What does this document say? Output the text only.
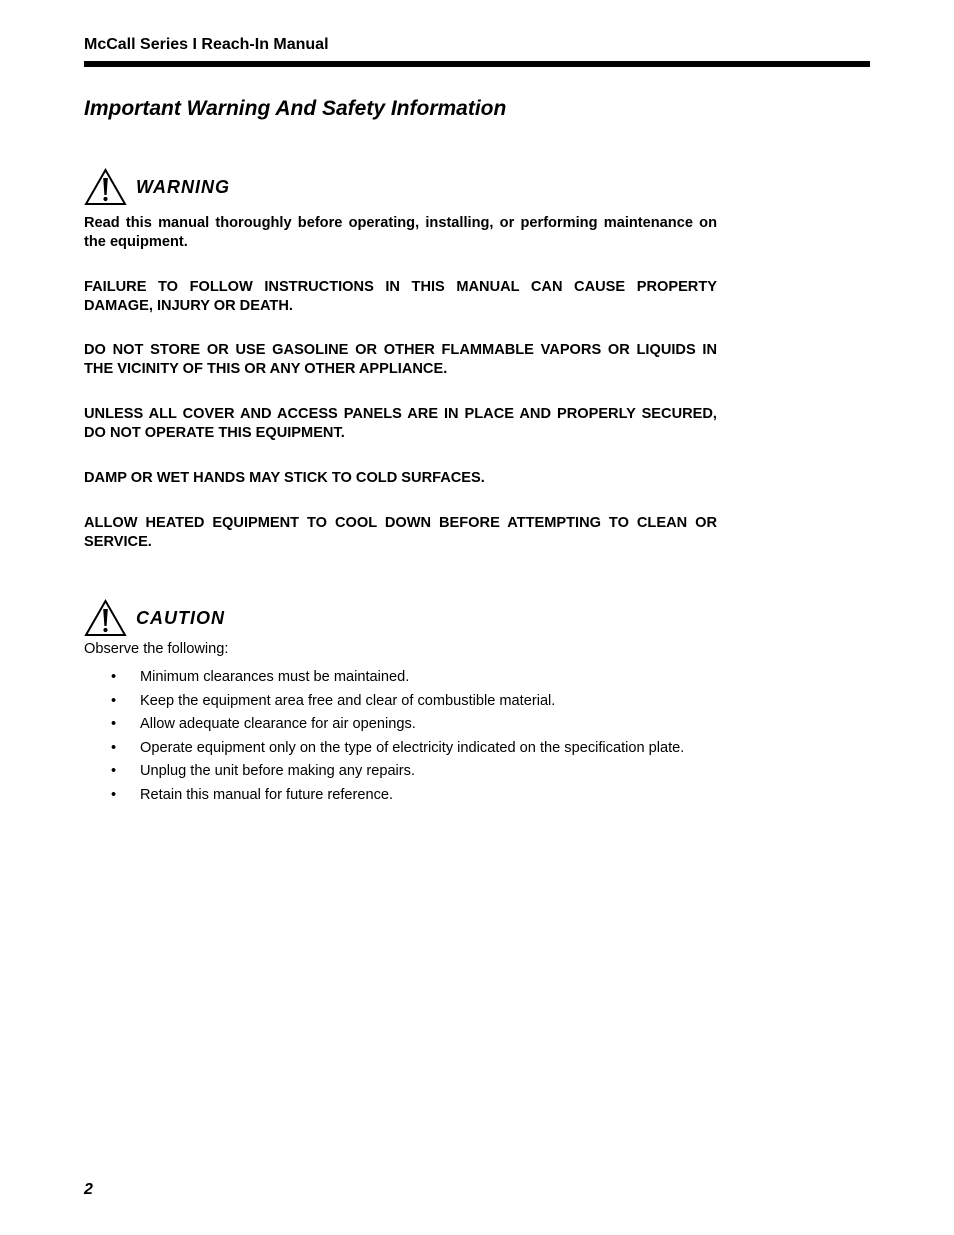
McCall Series I Reach-In Manual
Important Warning And Safety Information
WARNING

Read this manual thoroughly before operating, installing, or performing maintenance on the equipment.

FAILURE TO FOLLOW INSTRUCTIONS IN THIS MANUAL CAN CAUSE PROPERTY DAMAGE, INJURY OR DEATH.

DO NOT STORE OR USE GASOLINE OR OTHER FLAMMABLE VAPORS OR LIQUIDS IN THE VICINITY OF THIS OR ANY OTHER APPLIANCE.

UNLESS ALL COVER AND ACCESS PANELS ARE IN PLACE AND PROPERLY SECURED, DO NOT OPERATE THIS EQUIPMENT.

DAMP OR WET HANDS MAY STICK TO COLD SURFACES.

ALLOW HEATED EQUIPMENT TO COOL DOWN BEFORE ATTEMPTING TO CLEAN OR SERVICE.

CAUTION

Observe the following:

• Minimum clearances must be maintained.
• Keep the equipment area free and clear of combustible material.
• Allow adequate clearance for air openings.
• Operate equipment only on the type of electricity indicated on the specification plate.
• Unplug the unit before making any repairs.
• Retain this manual for future reference.
2
